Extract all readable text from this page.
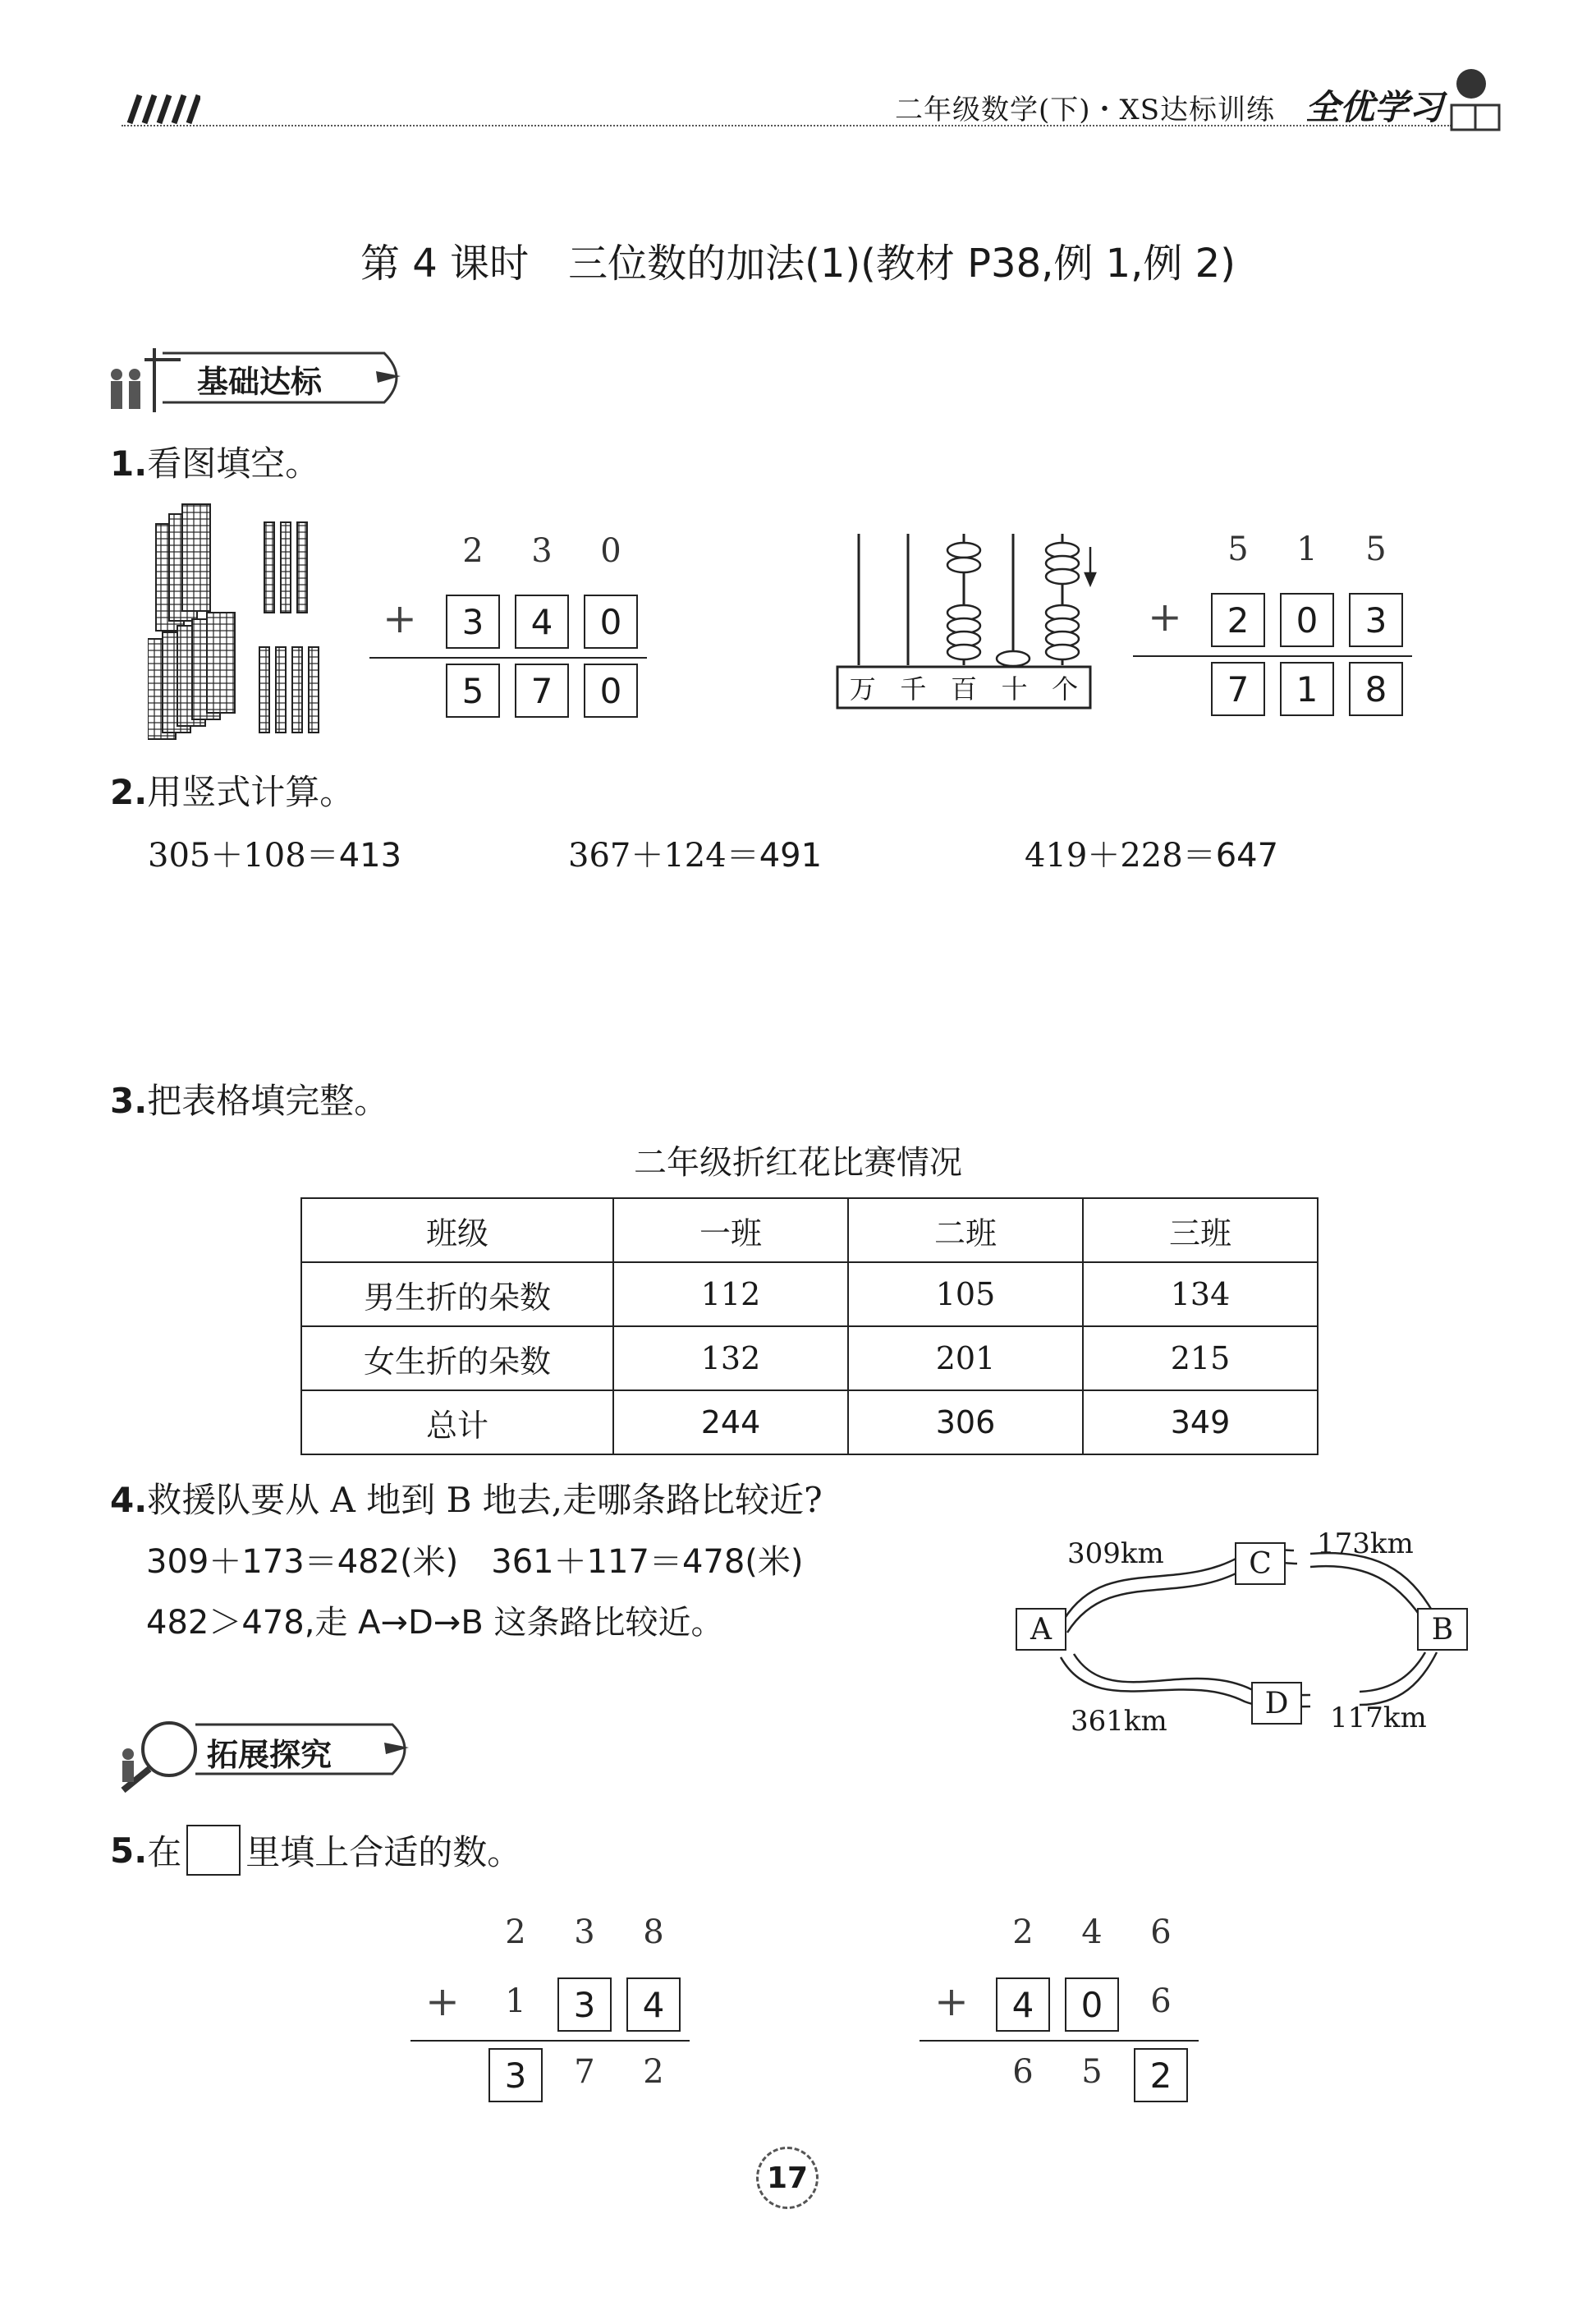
二年级数学(下)・XS达标训练 全优学习
第 4 课时　三位数的加法(1)(教材 P38,例 1,例 2)
基础达标
1.看图填空。
2 3 0
+	3	4	0
5	7	0	万 千 百 十 个
5 1 5
+	2	0	3
7	1	8
2.用竖式计算。
305＋108＝413	367＋124＝491	419＋228＝647
3.把表格填完整。
二年级折红花比赛情况
班级	一班	二班	三班
男生折的朵数	112	105	134
女生折的朵数	132	201	215
总计	244	306	349
4.救援队要从 A 地到 B 地去,走哪条路比较近?
309＋173＝482(米)　361＋117＝478(米)
482＞478,走 A→D→B 这条路比较近。	A	B
C
D
309km	173km
361km	117km
拓展探究
5. 在 里填上合适的数。
2 3 8
+ 1	3	4
3	7 2
2 4 6
+	4	0	6
6 5	2
17
